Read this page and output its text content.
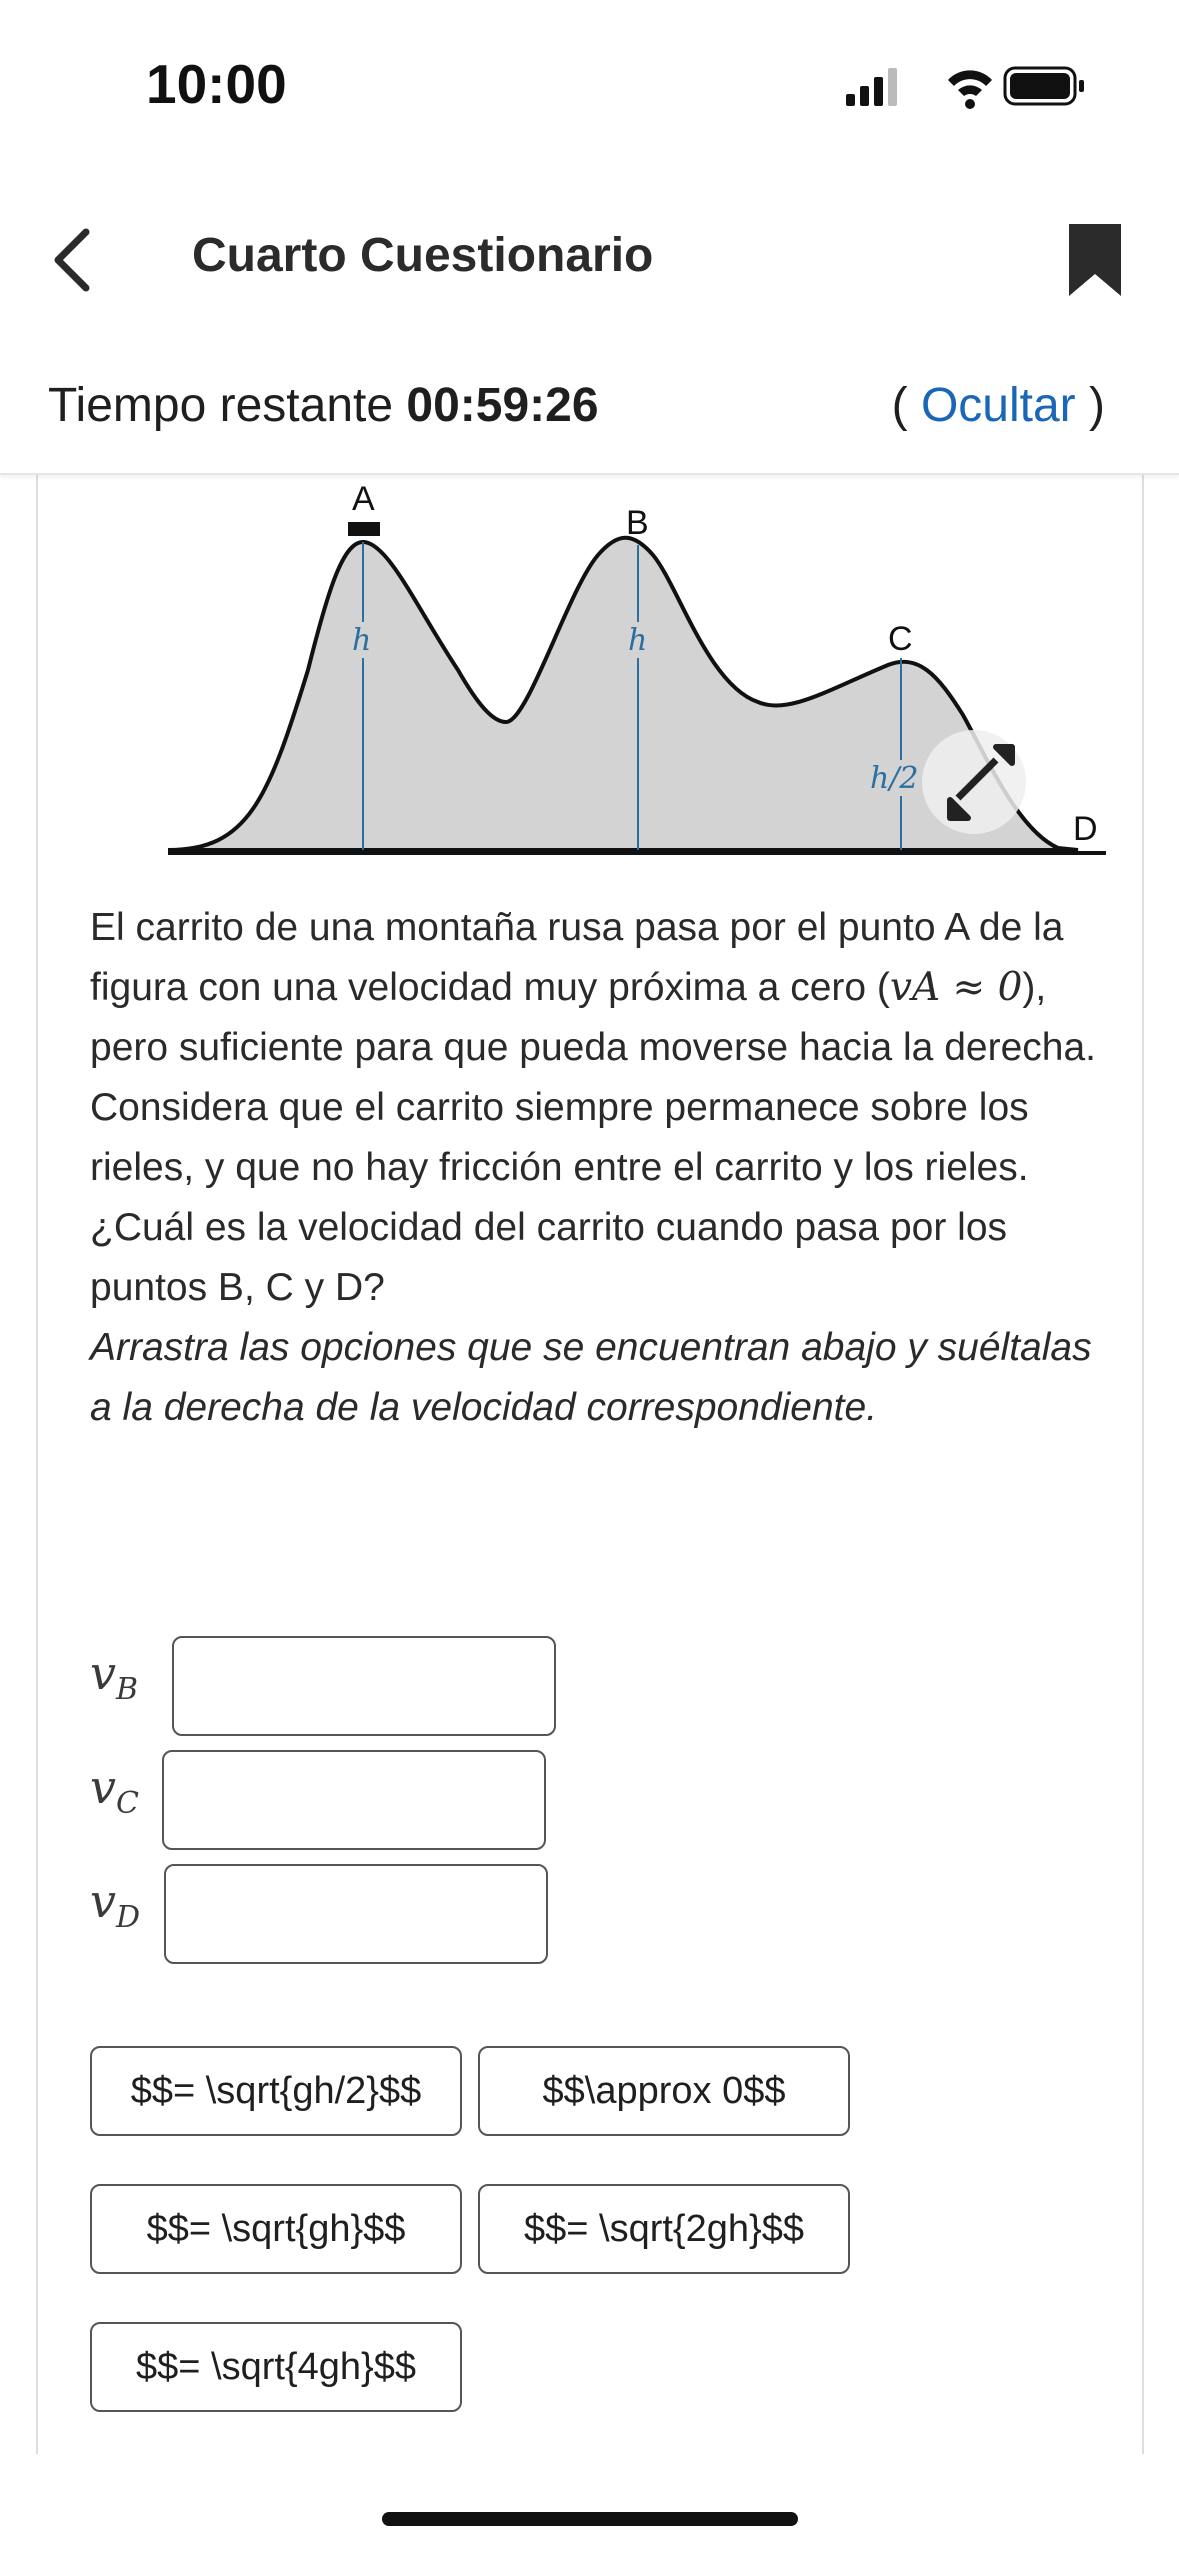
10:00
Cuarto Cuestionario
Tiempo restante 00:59:26	( Ocultar )
A
B
C
D
h	h
h/2

El carrito de una montaña rusa pasa por el punto A de la figura con una velocidad muy próxima a cero (vA ≈ 0), pero suficiente para que pueda moverse hacia la derecha. Considera que el carrito siempre permanece sobre los rieles, y que no hay fricción entre el carrito y los rieles.

¿Cuál es la velocidad del carrito cuando pasa por los puntos B, C y D?

Arrastra las opciones que se encuentran abajo y suéltalas a la derecha de la velocidad correspondiente.

$v_B$
$v_C$
$v_D$
$$= \sqrt{gh/2}$$	$$\approx 0$$
$$= \sqrt{gh}$$	$$= \sqrt{2gh}$$
$$= \sqrt{4gh}$$
